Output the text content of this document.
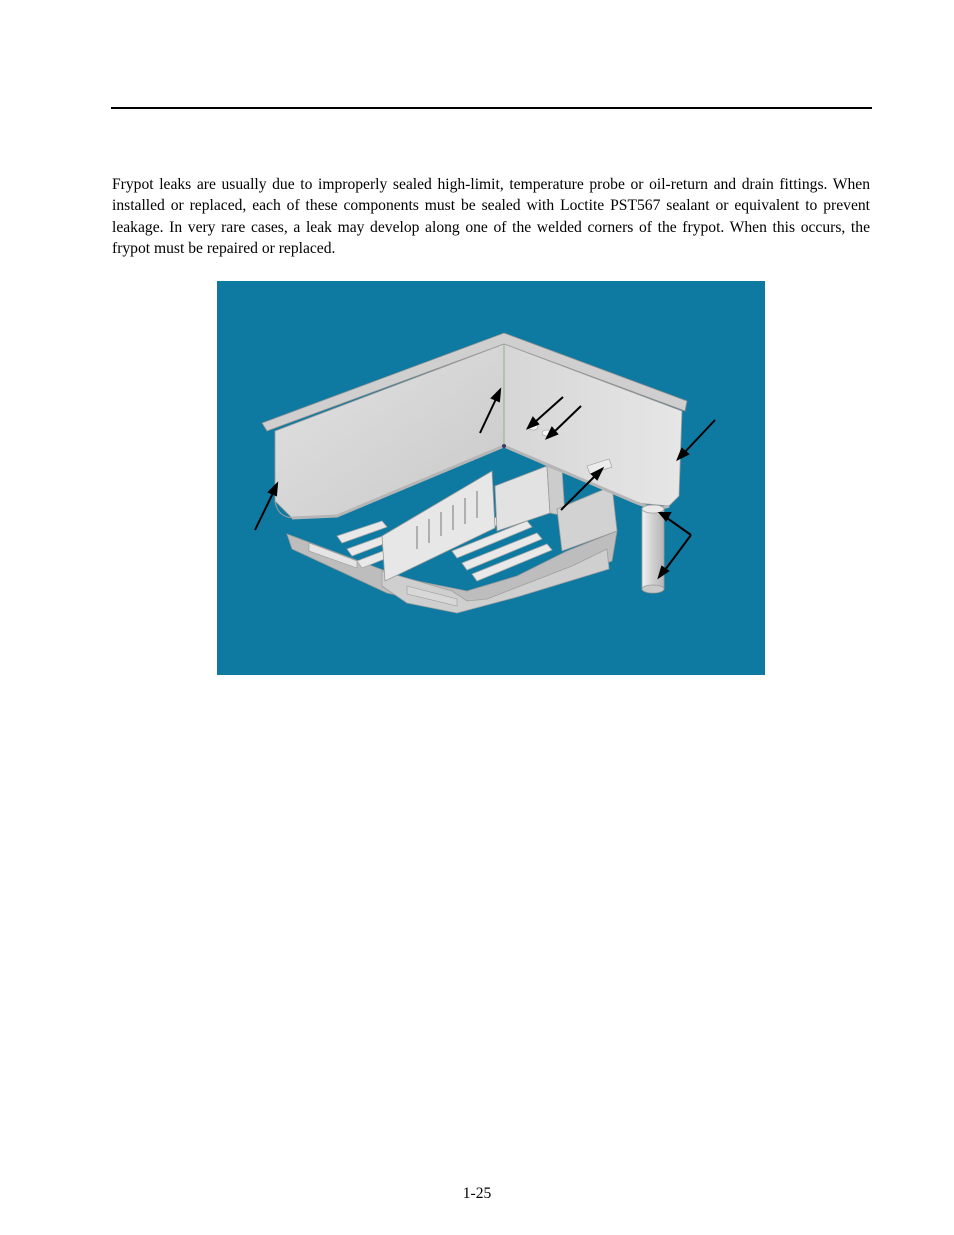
Frypot leaks are usually due to improperly sealed high-limit, temperature probe or oil-return and drain fittings. When installed or replaced, each of these components must be sealed with Loctite PST567 sealant or equivalent to prevent leakage. In very rare cases, a leak may develop along one of the welded corners of the frypot. When this occurs, the frypot must be repaired or replaced.

1-25
